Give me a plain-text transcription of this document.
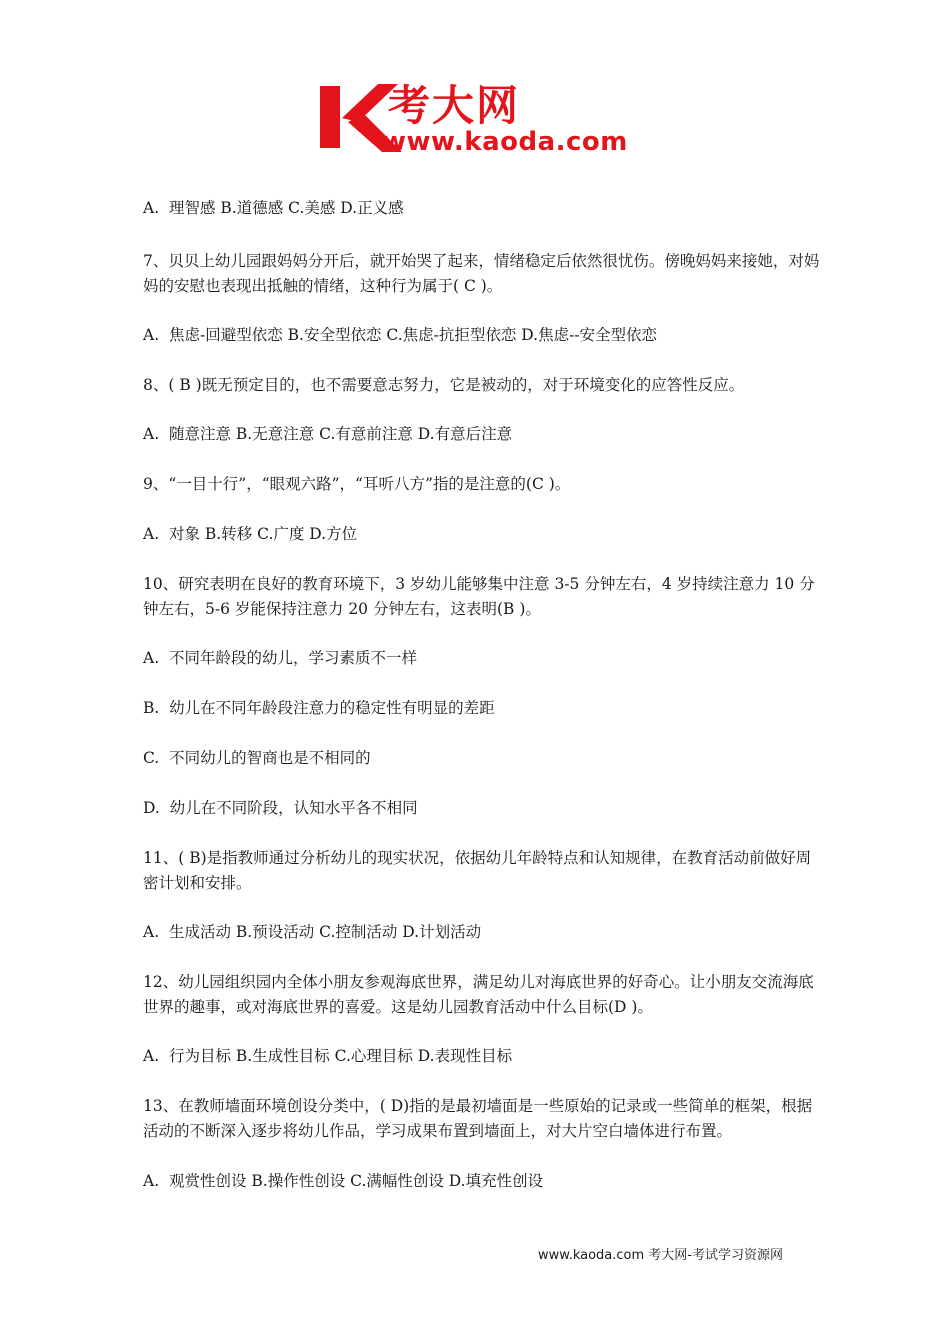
考大网
www.kaoda.com

A.  理智感 B.道德感 C.美感 D.正义感

7、贝贝上幼儿园跟妈妈分开后，就开始哭了起来，情绪稳定后依然很忧伤。傍晚妈妈来接她，对妈妈的安慰也表现出抵触的情绪，这种行为属于( C )。

A.  焦虑-回避型依恋 B.安全型依恋 C.焦虑-抗拒型依恋 D.焦虑--安全型依恋

8、( B )既无预定目的，也不需要意志努力，它是被动的，对于环境变化的应答性反应。

A.  随意注意 B.无意注意 C.有意前注意 D.有意后注意

9、“一目十行”，“眼观六路”，“耳听八方”指的是注意的(C )。

A.  对象 B.转移 C.广度 D.方位

10、研究表明在良好的教育环境下，3 岁幼儿能够集中注意 3-5 分钟左右，4 岁持续注意力 10 分钟左右，5-6 岁能保持注意力 20 分钟左右，这表明(B )。

A.  不同年龄段的幼儿，学习素质不一样

B.  幼儿在不同年龄段注意力的稳定性有明显的差距

C.  不同幼儿的智商也是不相同的

D.  幼儿在不同阶段，认知水平各不相同

11、( B)是指教师通过分析幼儿的现实状况，依据幼儿年龄特点和认知规律，在教育活动前做好周密计划和安排。

A.  生成活动 B.预设活动 C.控制活动 D.计划活动

12、幼儿园组织园内全体小朋友参观海底世界，满足幼儿对海底世界的好奇心。让小朋友交流海底世界的趣事，或对海底世界的喜爱。这是幼儿园教育活动中什么目标(D )。

A.  行为目标 B.生成性目标 C.心理目标 D.表现性目标

13、在教师墙面环境创设分类中，( D)指的是最初墙面是一些原始的记录或一些简单的框架，根据活动的不断深入逐步将幼儿作品，学习成果布置到墙面上，对大片空白墙体进行布置。

A.  观赏性创设 B.操作性创设 C.满幅性创设 D.填充性创设

www.kaoda.com 考大网-考试学习资源网
